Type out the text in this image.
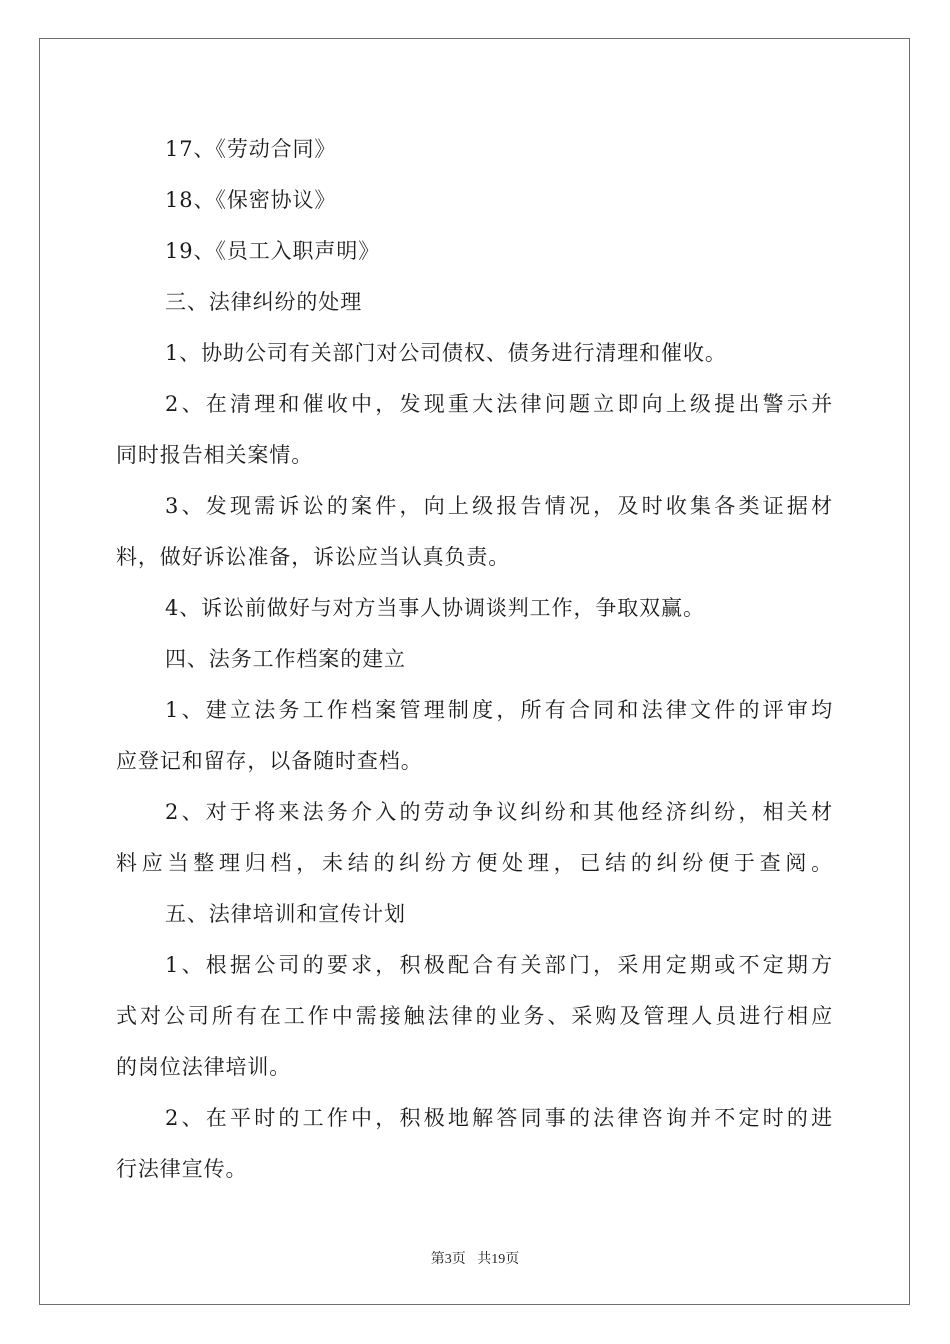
17、《劳动合同》
18、《保密协议》
19、《员工入职声明》
三、法律纠纷的处理
1、协助公司有关部门对公司债权、债务进行清理和催收。
2、在清理和催收中，发现重大法律问题立即向上级提出警示并
同时报告相关案情。
3、发现需诉讼的案件，向上级报告情况，及时收集各类证据材
料，做好诉讼准备，诉讼应当认真负责。
4、诉讼前做好与对方当事人协调谈判工作，争取双赢。
四、法务工作档案的建立
1、建立法务工作档案管理制度，所有合同和法律文件的评审均
应登记和留存，以备随时查档。
2、对于将来法务介入的劳动争议纠纷和其他经济纠纷，相关材
料应当整理归档，未结的纠纷方便处理，已结的纠纷便于查阅。
五、法律培训和宣传计划
1、根据公司的要求，积极配合有关部门，采用定期或不定期方
式对公司所有在工作中需接触法律的业务、采购及管理人员进行相应
的岗位法律培训。
2、在平时的工作中，积极地解答同事的法律咨询并不定时的进
行法律宣传。
第3页 共19页
